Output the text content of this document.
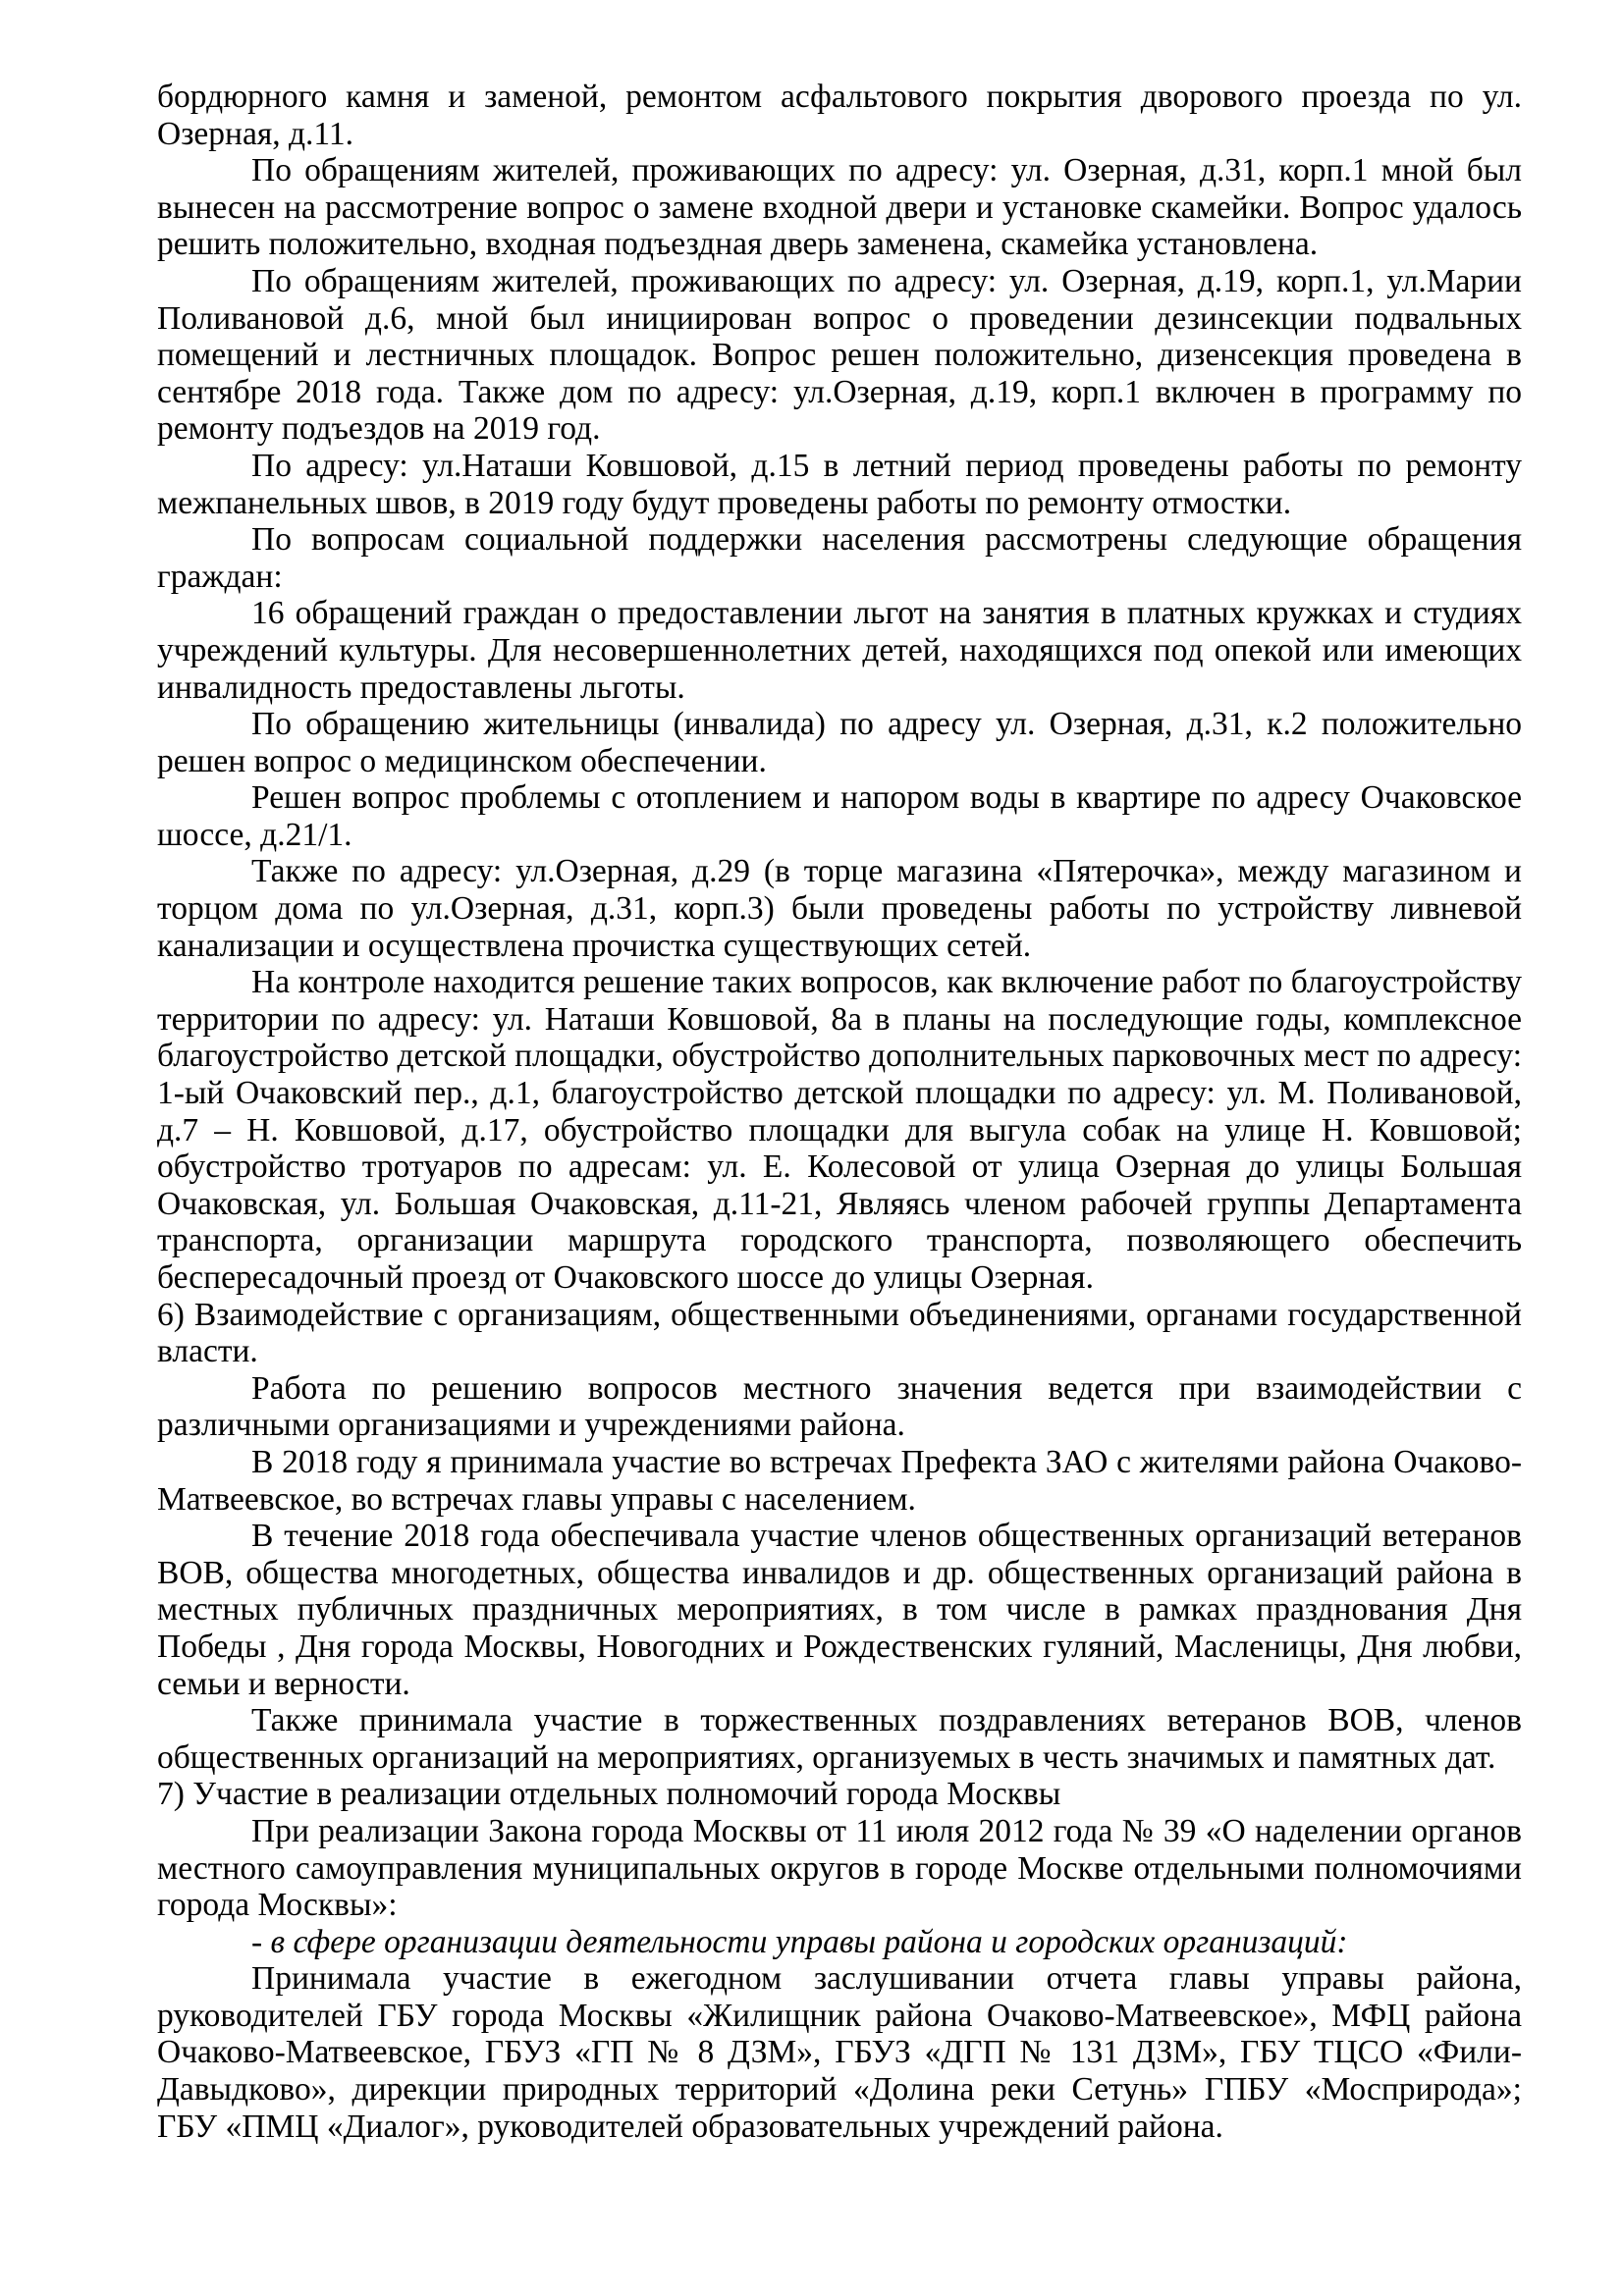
бордюрного камня и заменой, ремонтом асфальтового покрытия дворового проезда по ул. Озерная, д.11.

По обращениям жителей, проживающих по адресу: ул. Озерная, д.31, корп.1 мной был вынесен на рассмотрение вопрос о замене входной двери и установке скамейки. Вопрос удалось решить положительно, входная подъездная дверь заменена, скамейка установлена.

По обращениям жителей, проживающих по адресу: ул. Озерная, д.19, корп.1, ул.Марии Поливановой д.6, мной был инициирован вопрос о проведении дезинсекции подвальных помещений и лестничных площадок. Вопрос решен положительно, дизенсекция проведена в сентябре 2018 года. Также дом по адресу: ул.Озерная, д.19, корп.1 включен в программу по ремонту подъездов на 2019 год.

По адресу: ул.Наташи Ковшовой, д.15 в летний период проведены работы по ремонту межпанельных швов, в 2019 году будут проведены работы по ремонту отмостки.

По вопросам социальной поддержки населения рассмотрены следующие обращения граждан:

16 обращений граждан о предоставлении льгот на занятия в платных кружках и студиях учреждений культуры. Для несовершеннолетних детей, находящихся под опекой или имеющих инвалидность предоставлены льготы.

По обращению жительницы (инвалида) по адресу ул. Озерная, д.31, к.2 положительно решен вопрос о медицинском обеспечении.

Решен вопрос проблемы с отоплением и напором воды в квартире по адресу Очаковское шоссе, д.21/1.

Также по адресу: ул.Озерная, д.29 (в торце магазина «Пятерочка», между магазином и торцом дома по ул.Озерная, д.31, корп.3) были проведены работы по устройству ливневой канализации и осуществлена прочистка существующих сетей.

На контроле находится решение таких вопросов, как включение работ по благоустройству территории по адресу: ул. Наташи Ковшовой, 8а в планы на последующие годы, комплексное благоустройство детской площадки, обустройство дополнительных парковочных мест по адресу: 1-ый Очаковский пер., д.1, благоустройство детской площадки по адресу: ул. М. Поливановой, д.7 – Н. Ковшовой, д.17, обустройство площадки для выгула собак на улице Н. Ковшовой; обустройство тротуаров по адресам: ул. Е. Колесовой от улица Озерная до улицы Большая Очаковская, ул. Большая Очаковская, д.11-21, Являясь членом рабочей группы Департамента транспорта, организации маршрута городского транспорта, позволяющего обеспечить беспересадочный проезд от Очаковского шоссе до улицы Озерная.

6) Взаимодействие с организациям, общественными объединениями, органами государственной власти.

Работа по решению вопросов местного значения ведется при взаимодействии с различными организациями и учреждениями района.

В 2018 году я принимала участие во встречах Префекта ЗАО с жителями района Очаково-Матвеевское, во встречах главы управы с населением.

В течение 2018 года обеспечивала участие членов общественных организаций ветеранов ВОВ, общества многодетных, общества инвалидов и др. общественных организаций района в местных публичных праздничных мероприятиях, в том числе в рамках празднования Дня Победы , Дня города Москвы, Новогодних и Рождественских гуляний, Масленицы, Дня любви, семьи и верности.

Также принимала участие в торжественных поздравлениях ветеранов ВОВ, членов общественных организаций на мероприятиях, организуемых в честь значимых и памятных дат.

7) Участие в реализации отдельных полномочий города Москвы

При реализации Закона города Москвы от 11 июля 2012 года № 39 «О наделении органов местного самоуправления муниципальных округов в городе Москве отдельными полномочиями города Москвы»:

- в сфере организации деятельности управы района и городских организаций:

Принимала участие в ежегодном заслушивании отчета главы управы района, руководителей ГБУ города Москвы «Жилищник района Очаково-Матвеевское», МФЦ района Очаково-Матвеевское, ГБУЗ «ГП № 8 ДЗМ», ГБУЗ «ДГП № 131 ДЗМ», ГБУ ТЦСО «Фили-Давыдково», дирекции природных территорий «Долина реки Сетунь» ГПБУ «Мосприрода»; ГБУ «ПМЦ «Диалог», руководителей образовательных учреждений района.
